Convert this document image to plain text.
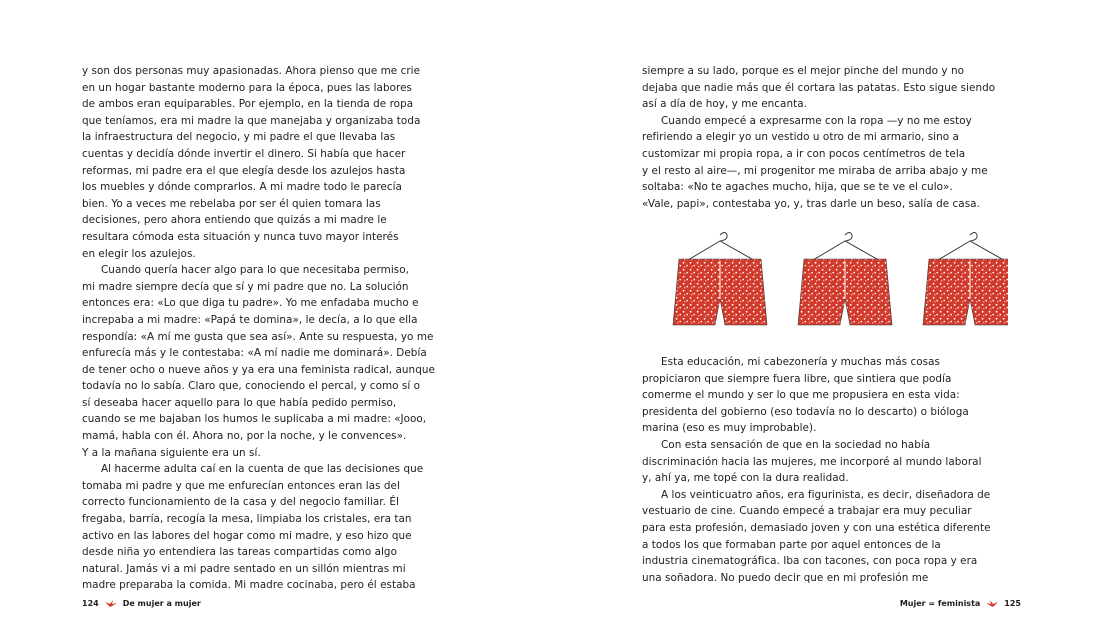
y son dos personas muy apasionadas. Ahora pienso que me crie
en un hogar bastante moderno para la época, pues las labores
de ambos eran equiparables. Por ejemplo, en la tienda de ropa
que teníamos, era mi madre la que manejaba y organizaba toda
la infraestructura del negocio, y mi padre el que llevaba las
cuentas y decidía dónde invertir el dinero. Si había que hacer
reformas, mi padre era el que elegía desde los azulejos hasta
los muebles y dónde comprarlos. A mi madre todo le parecía
bien. Yo a veces me rebelaba por ser él quien tomara las
decisiones, pero ahora entiendo que quizás a mi madre le
resultara cómoda esta situación y nunca tuvo mayor interés
en elegir los azulejos.

Cuando quería hacer algo para lo que necesitaba permiso,
mi madre siempre decía que sí y mi padre que no. La solución
entonces era: «Lo que diga tu padre». Yo me enfadaba mucho e
increpaba a mi madre: «Papá te domina», le decía, a lo que ella
respondía: «A mí me gusta que sea así». Ante su respuesta, yo me
enfurecía más y le contestaba: «A mí nadie me dominará». Debía
de tener ocho o nueve años y ya era una feminista radical, aunque
todavía no lo sabía. Claro que, conociendo el percal, y como sí o
sí deseaba hacer aquello para lo que había pedido permiso,
cuando se me bajaban los humos le suplicaba a mi madre: «Jooo,
mamá, habla con él. Ahora no, por la noche, y le convences».
Y a la mañana siguiente era un sí.

Al hacerme adulta caí en la cuenta de que las decisiones que
tomaba mi padre y que me enfurecían entonces eran las del
correcto funcionamiento de la casa y del negocio familiar. Él
fregaba, barría, recogía la mesa, limpiaba los cristales, era tan
activo en las labores del hogar como mi madre, y eso hizo que
desde niña yo entendiera las tareas compartidas como algo
natural. Jamás vi a mi padre sentado en un sillón mientras mi
madre preparaba la comida. Mi madre cocinaba, pero él estaba

124	De mujer a mujer

siempre a su lado, porque es el mejor pinche del mundo y no
dejaba que nadie más que él cortara las patatas. Esto sigue siendo
así a día de hoy, y me encanta.

Cuando empecé a expresarme con la ropa —y no me estoy
refiriendo a elegir yo un vestido u otro de mi armario, sino a
customizar mi propia ropa, a ir con pocos centímetros de tela
y el resto al aire—, mi progenitor me miraba de arriba abajo y me
soltaba: «No te agaches mucho, hija, que se te ve el culo».
«Vale, papi», contestaba yo, y, tras darle un beso, salía de casa.

Esta educación, mi cabezonería y muchas más cosas
propiciaron que siempre fuera libre, que sintiera que podía
comerme el mundo y ser lo que me propusiera en esta vida:
presidenta del gobierno (eso todavía no lo descarto) o bióloga
marina (eso es muy improbable).

Con esta sensación de que en la sociedad no había
discriminación hacia las mujeres, me incorporé al mundo laboral
y, ahí ya, me topé con la dura realidad.

A los veinticuatro años, era figurinista, es decir, diseñadora de
vestuario de cine. Cuando empecé a trabajar era muy peculiar
para esta profesión, demasiado joven y con una estética diferente
a todos los que formaban parte por aquel entonces de la
industria cinematográfica. Iba con tacones, con poca ropa y era
una soñadora. No puedo decir que en mi profesión me

Mujer = feminista	125
